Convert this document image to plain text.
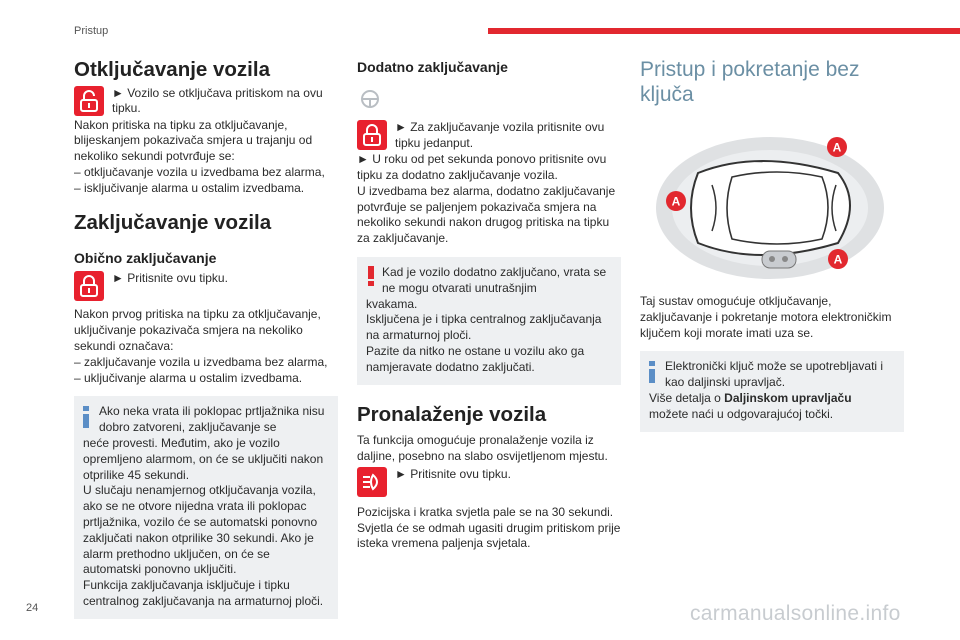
Pristup
Otključavanje vozila
► Vozilo se otključava pritiskom na ovu tipku.

Nakon pritiska na tipku za otključavanje, blijeskanjem pokazivača smjera u trajanju od nekoliko sekundi potvrđuje se:

– otključavanje vozila u izvedbama bez alarma,

– isključivanje alarma u ostalim izvedbama.

Zaključavanje vozila
Obično zaključavanje
► Pritisnite ovu tipku.

Nakon prvog pritiska na tipku za otključavanje, uključivanje pokazivača smjera na nekoliko sekundi označava:

– zaključavanje vozila u izvedbama bez alarma,

– uključivanje alarma u ostalim izvedbama.

Ako neka vrata ili poklopac prtljažnika nisu dobro zatvoreni, zaključavanje se

neće provesti. Međutim, ako je vozilo opremljeno alarmom, on će se uključiti nakon otprilike 45 sekundi.

U slučaju nenamjernog otključavanja vozila, ako se ne otvore nijedna vrata ili poklopac prtljažnika, vozilo će se automatski ponovno zaključati nakon otprilike 30 sekundi. Ako je alarm prethodno uključen, on će se automatski ponovno uključiti.

Funkcija zaključavanja isključuje i tipku centralnog zaključavanja na armaturnoj ploči.

Dodatno zaključavanje
► Za zaključavanje vozila pritisnite ovu tipku jedanput.

► U roku od pet sekunda ponovo pritisnite ovu tipku za dodatno zaključavanje vozila.

U izvedbama bez alarma, dodatno zaključavanje potvrđuje se paljenjem pokazivača smjera na nekoliko sekundi nakon drugog pritiska na tipku za zaključavanje.

Kad je vozilo dodatno zaključano, vrata se ne mogu otvarati unutrašnjim

kvakama.

Isključena je i tipka centralnog zaključavanja na armaturnoj ploči.

Pazite da nitko ne ostane u vozilu ako ga namjeravate dodatno zaključati.

Pronalaženje vozila

Ta funkcija omogućuje pronalaženje vozila iz daljine, posebno na slabo osvijetljenom mjestu.

► Pritisnite ovu tipku.

Pozicijska i kratka svjetla pale se na 30 sekundi. Svjetla će se odmah ugasiti drugim pritiskom prije isteka vremena paljenja svjetala.

Pristup i pokretanje bez ključa
A
A
A

Taj sustav omogućuje otključavanje, zaključavanje i pokretanje motora elektroničkim ključem koji morate imati uza se.

Elektronički ključ može se upotrebljavati i kao daljinski upravljač.

Više detalja o Daljinskom upravljaču

možete naći u odgovarajućoj točki.

24	carmanualsonline.info
